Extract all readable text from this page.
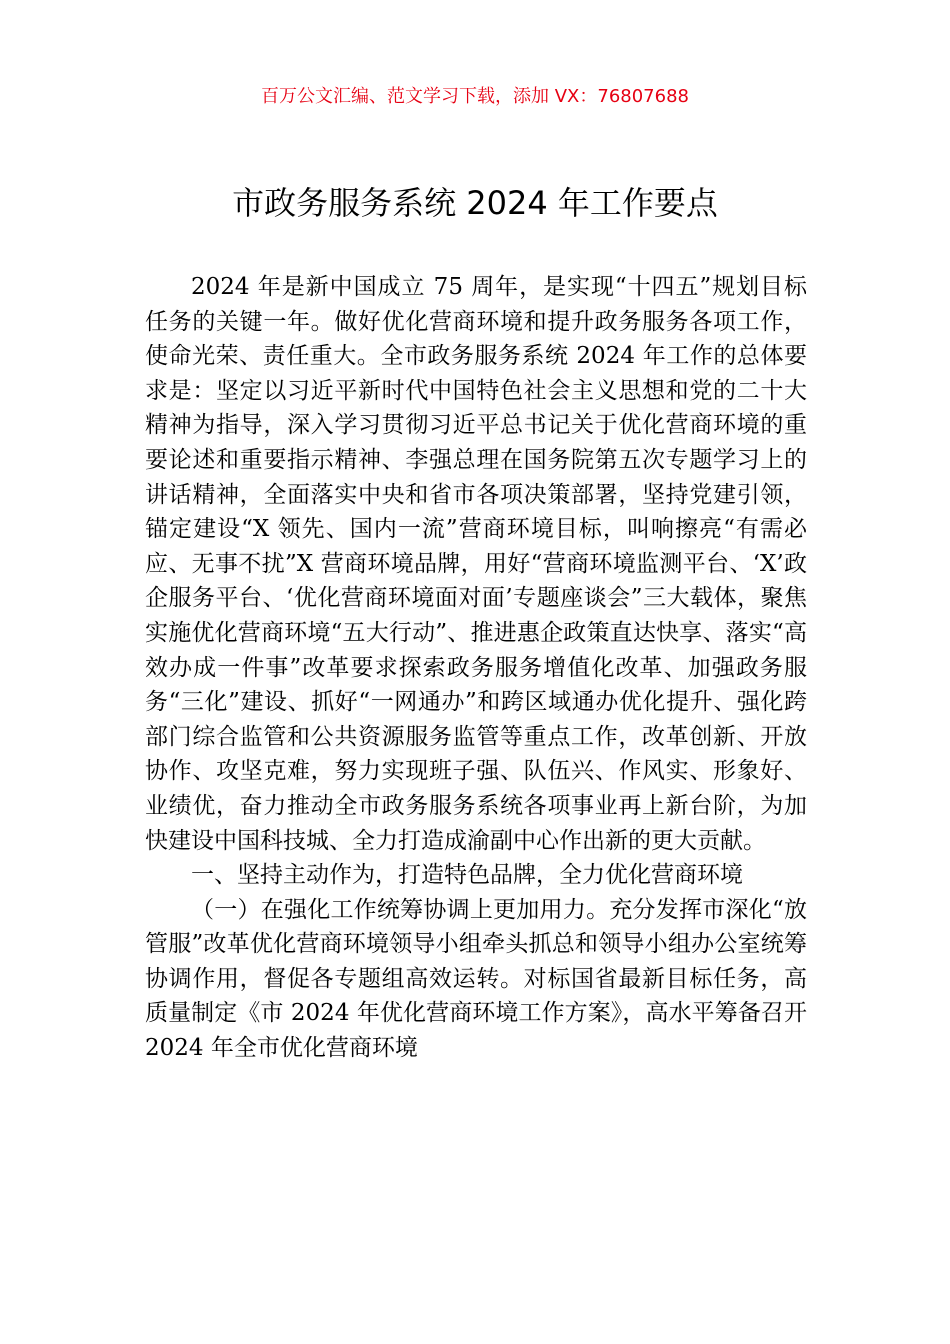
百万公文汇编、范文学习下载，添加 VX：76807688
市政务服务系统 2024 年工作要点

2024 年是新中国成立 75 周年，是实现“十四五”规划目标任务的关键一年。做好优化营商环境和提升政务服务各项工作，使命光荣、责任重大。全市政务服务系统 2024 年工作的总体要求是：坚定以习近平新时代中国特色社会主义思想和党的二十大精神为指导，深入学习贯彻习近平总书记关于优化营商环境的重要论述和重要指示精神、李强总理在国务院第五次专题学习上的讲话精神，全面落实中央和省市各项决策部署，坚持党建引领，锚定建设“X 领先、国内一流”营商环境目标，叫响擦亮“有需必应、无事不扰”X 营商环境品牌，用好“营商环境监测平台、‘X’政企服务平台、‘优化营商环境面对面’专题座谈会”三大载体，聚焦实施优化营商环境“五大行动”、推进惠企政策直达快享、落实“高效办成一件事”改革要求探索政务服务增值化改革、加强政务服务“三化”建设、抓好“一网通办”和跨区域通办优化提升、强化跨部门综合监管和公共资源服务监管等重点工作，改革创新、开放协作、攻坚克难，努力实现班子强、队伍兴、作风实、形象好、业绩优，奋力推动全市政务服务系统各项事业再上新台阶，为加快建设中国科技城、全力打造成渝副中心作出新的更大贡献。

一、坚持主动作为，打造特色品牌，全力优化营商环境

（一）在强化工作统筹协调上更加用力。充分发挥市深化“放管服”改革优化营商环境领导小组牵头抓总和领导小组办公室统筹协调作用，督促各专题组高效运转。对标国省最新目标任务，高质量制定《市 2024 年优化营商环境工作方案》，高水平筹备召开 2024 年全市优化营商环境
